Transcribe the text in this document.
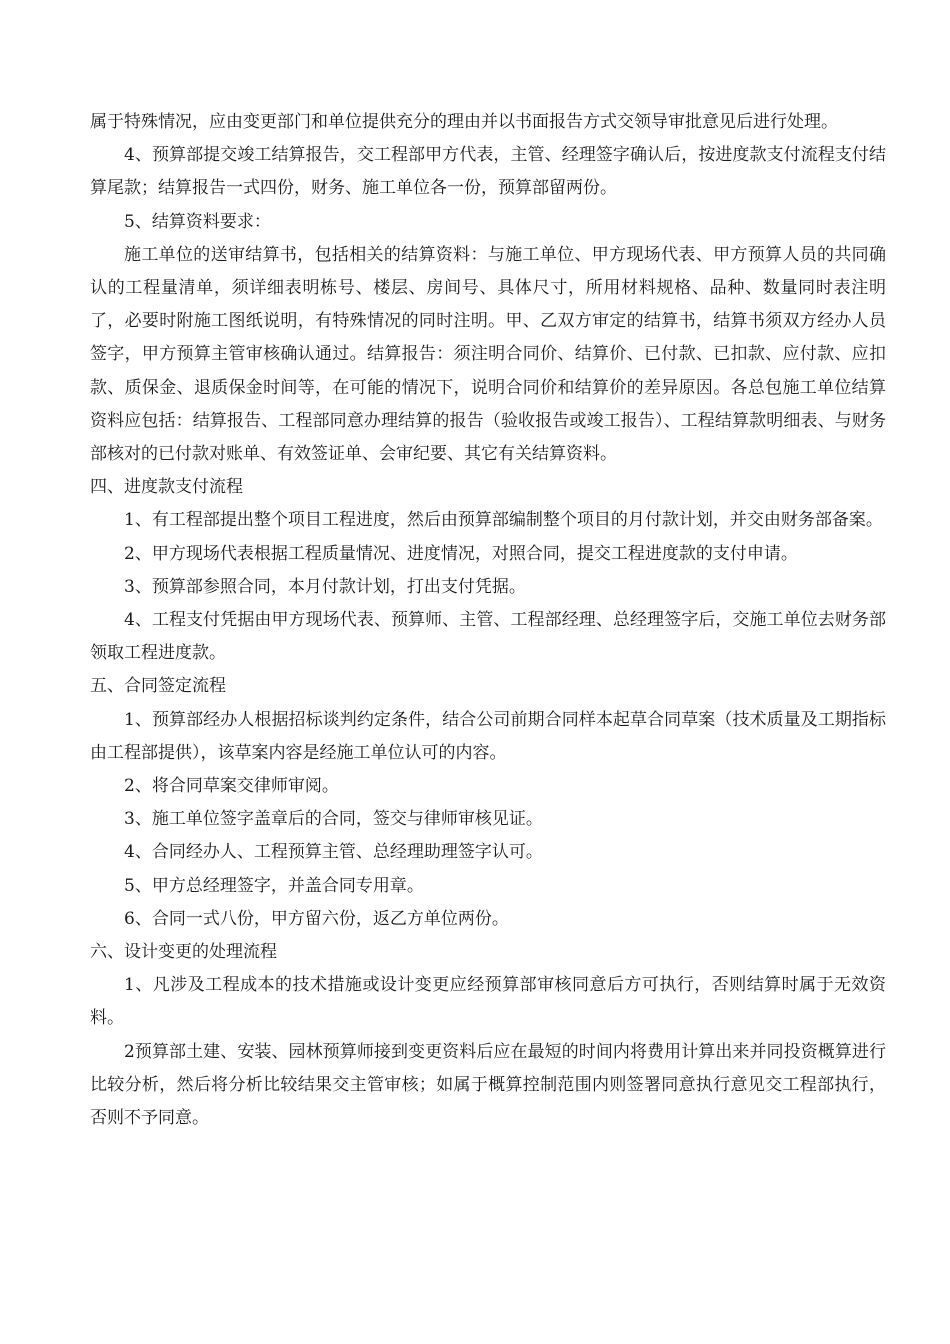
属于特殊情况，应由变更部门和单位提供充分的理由并以书面报告方式交领导审批意见后进行处理。

4、预算部提交竣工结算报告，交工程部甲方代表，主管、经理签字确认后，按进度款支付流程支付结算尾款；结算报告一式四份，财务、施工单位各一份，预算部留两份。

5、结算资料要求：

施工单位的送审结算书，包括相关的结算资料：与施工单位、甲方现场代表、甲方预算人员的共同确认的工程量清单，须详细表明栋号、楼层、房间号、具体尺寸，所用材料规格、品种、数量同时表注明了，必要时附施工图纸说明，有特殊情况的同时注明。甲、乙双方审定的结算书，结算书须双方经办人员签字，甲方预算主管审核确认通过。结算报告：须注明合同价、结算价、已付款、已扣款、应付款、应扣款、质保金、退质保金时间等，在可能的情况下，说明合同价和结算价的差异原因。各总包施工单位结算资料应包括：结算报告、工程部同意办理结算的报告（验收报告或竣工报告）、工程结算款明细表、与财务部核对的已付款对账单、有效签证单、会审纪要、其它有关结算资料。

四、进度款支付流程

1、有工程部提出整个项目工程进度，然后由预算部编制整个项目的月付款计划，并交由财务部备案。

2、甲方现场代表根据工程质量情况、进度情况，对照合同，提交工程进度款的支付申请。

3、预算部参照合同，本月付款计划，打出支付凭据。

4、工程支付凭据由甲方现场代表、预算师、主管、工程部经理、总经理签字后，交施工单位去财务部领取工程进度款。

五、合同签定流程

1、预算部经办人根据招标谈判约定条件，结合公司前期合同样本起草合同草案（技术质量及工期指标由工程部提供），该草案内容是经施工单位认可的内容。

2、将合同草案交律师审阅。

3、施工单位签字盖章后的合同，签交与律师审核见证。

4、合同经办人、工程预算主管、总经理助理签字认可。

5、甲方总经理签字，并盖合同专用章。

6、合同一式八份，甲方留六份，返乙方单位两份。

六、设计变更的处理流程

1、凡涉及工程成本的技术措施或设计变更应经预算部审核同意后方可执行，否则结算时属于无效资料。

2预算部土建、安装、园林预算师接到变更资料后应在最短的时间内将费用计算出来并同投资概算进行比较分析，然后将分析比较结果交主管审核；如属于概算控制范围内则签署同意执行意见交工程部执行，否则不予同意。
